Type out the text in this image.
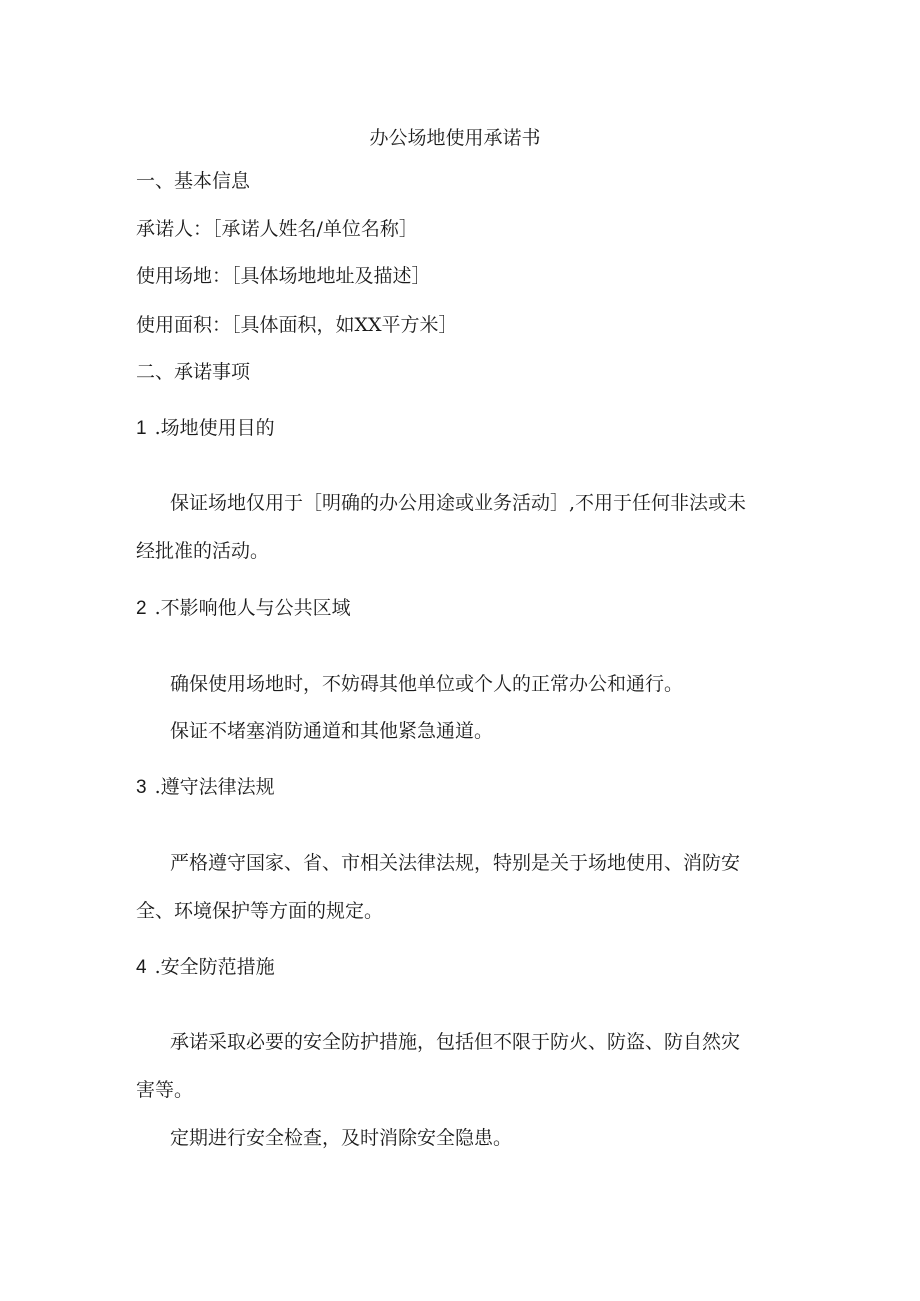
办公场地使用承诺书
一、基本信息
承诺人：［承诺人姓名/单位名称］
使用场地：［具体场地地址及描述］
使用面积：［具体面积，如XX平方米］
二、承诺事项
1 .场地使用目的
保证场地仅用于［明确的办公用途或业务活动］,不用于任何非法或未
经批准的活动。
2 .不影响他人与公共区域
确保使用场地时，不妨碍其他单位或个人的正常办公和通行。
保证不堵塞消防通道和其他紧急通道。
3 .遵守法律法规
严格遵守国家、省、市相关法律法规，特别是关于场地使用、消防安
全、环境保护等方面的规定。
4 .安全防范措施
承诺采取必要的安全防护措施，包括但不限于防火、防盗、防自然灾
害等。
定期进行安全检查，及时消除安全隐患。
